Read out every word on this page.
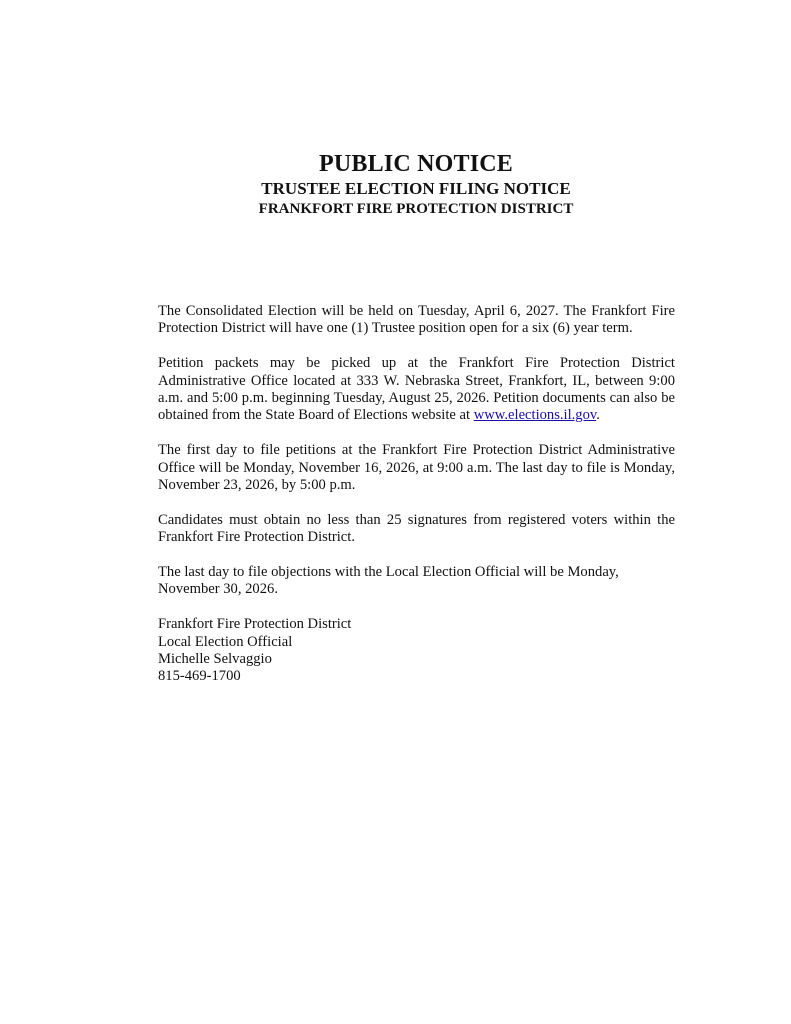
PUBLIC NOTICE
TRUSTEE ELECTION FILING NOTICE
FRANKFORT FIRE PROTECTION DISTRICT

The Consolidated Election will be held on Tuesday, April 6, 2027. The Frankfort Fire Protection District will have one (1) Trustee position open for a six (6) year term.

Petition packets may be picked up at the Frankfort Fire Protection District Administrative Office located at 333 W. Nebraska Street, Frankfort, IL, between 9:00 a.m. and 5:00 p.m. beginning Tuesday, August 25, 2026. Petition documents can also be obtained from the State Board of Elections website at www.elections.il.gov.

The first day to file petitions at the Frankfort Fire Protection District Administrative Office will be Monday, November 16, 2026, at 9:00 a.m. The last day to file is Monday, November 23, 2026, by 5:00 p.m.

Candidates must obtain no less than 25 signatures from registered voters within the Frankfort Fire Protection District.

The last day to file objections with the Local Election Official will be Monday, November 30, 2026.

Frankfort Fire Protection District
Local Election Official
Michelle Selvaggio
815-469-1700
